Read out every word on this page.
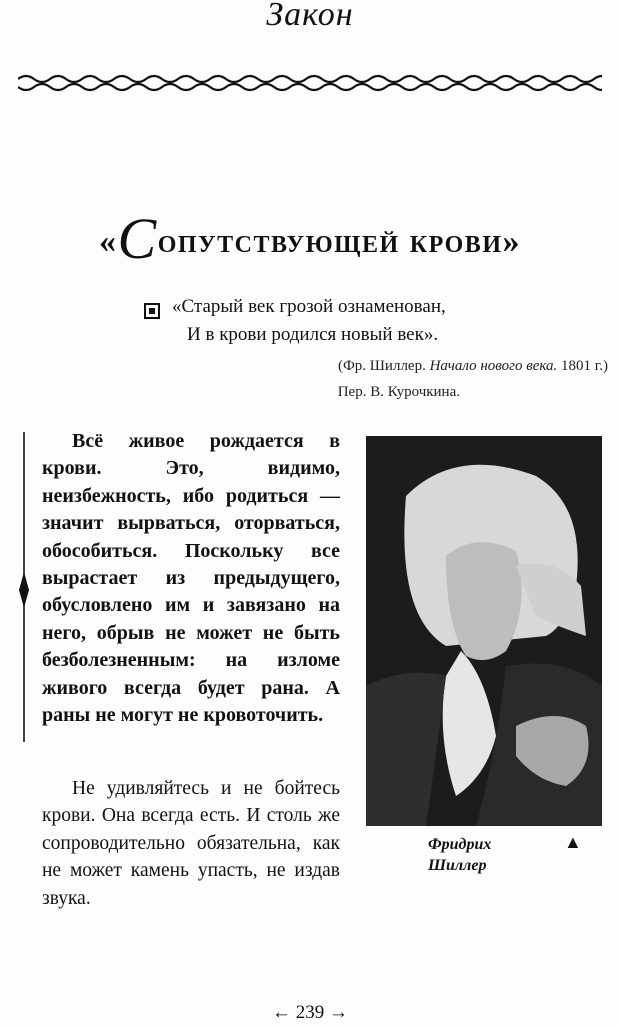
Закон
«Сопутствующей крови»
«Старый век грозой ознаменован,
И в крови родился новый век».
(Фр. Шиллер. Начало нового века. 1801 г.)
Пер. В. Курочкина.
Всё живое рождается в крови. Это, видимо, неизбежность, ибо родиться — значит вырваться, оторваться, обособиться. Поскольку все вырастает из предыдущего, обусловлено им и завязано на него, обрыв не может не быть безболезненным: на изломе живого всегда будет рана. А раны не могут не кровоточить.
Не удивляйтесь и не бойтесь крови. Она всегда есть. И столь же сопроводительно обязательна, как не может камень упасть, не издав звука.
Фридрих
Шиллер
▲
← 239 →
